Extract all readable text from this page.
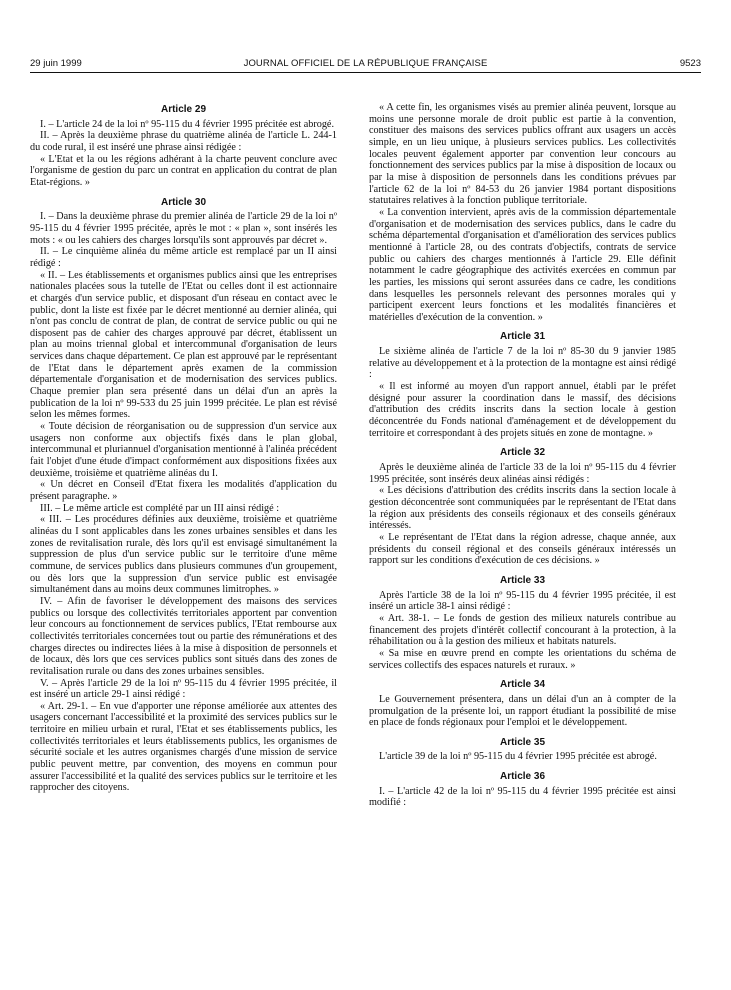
29 juin 1999	JOURNAL OFFICIEL DE LA RÉPUBLIQUE FRANÇAISE	9523
Article 29

I. – L'article 24 de la loi nº 95-115 du 4 février 1995 précitée est abrogé.

II. – Après la deuxième phrase du quatrième alinéa de l'article L. 244-1 du code rural, il est inséré une phrase ainsi rédigée :

« L'Etat et la ou les régions adhérant à la charte peuvent conclure avec l'organisme de gestion du parc un contrat en application du contrat de plan Etat-régions. »

Article 30

I. – Dans la deuxième phrase du premier alinéa de l'article 29 de la loi nº 95-115 du 4 février 1995 précitée, après le mot : « plan », sont insérés les mots : « ou les cahiers des charges lorsqu'ils sont approuvés par décret ».

II. – Le cinquième alinéa du même article est remplacé par un II ainsi rédigé :

« II. – Les établissements et organismes publics ainsi que les entreprises nationales placées sous la tutelle de l'Etat ou celles dont il est actionnaire et chargés d'un service public, et disposant d'un réseau en contact avec le public, dont la liste est fixée par le décret mentionné au dernier alinéa, qui n'ont pas conclu de contrat de plan, de contrat de service public ou qui ne disposent pas de cahier des charges approuvé par décret, établissent un plan au moins triennal global et intercommunal d'organisation de leurs services dans chaque département. Ce plan est approuvé par le représentant de l'Etat dans le département après examen de la commission départementale d'organisation et de modernisation des services publics. Chaque premier plan sera présenté dans un délai d'un an après la publication de la loi nº 99-533 du 25 juin 1999 précitée. Le plan est révisé selon les mêmes formes.

« Toute décision de réorganisation ou de suppression d'un service aux usagers non conforme aux objectifs fixés dans le plan global, intercommunal et pluriannuel d'organisation mentionné à l'alinéa précédent fait l'objet d'une étude d'impact conformément aux dispositions fixées aux deuxième, troisième et quatrième alinéas du I.

« Un décret en Conseil d'Etat fixera les modalités d'application du présent paragraphe. »

III. – Le même article est complété par un III ainsi rédigé :

« III. – Les procédures définies aux deuxième, troisième et quatrième alinéas du I sont applicables dans les zones urbaines sensibles et dans les zones de revitalisation rurale, dès lors qu'il est envisagé simultanément la suppression de plus d'un service public sur le territoire d'une même commune, de services publics dans plusieurs communes d'un groupement, ou dès lors que la suppression d'un service public est envisagée simultanément dans au moins deux communes limitrophes. »

IV. – Afin de favoriser le développement des maisons des services publics ou lorsque des collectivités territoriales apportent par convention leur concours au fonctionnement de services publics, l'Etat rembourse aux collectivités territoriales concernées tout ou partie des rémunérations et des charges directes ou indirectes liées à la mise à disposition de personnels et de locaux, dès lors que ces services publics sont situés dans des zones de revitalisation rurale ou dans des zones urbaines sensibles.

V. – Après l'article 29 de la loi nº 95-115 du 4 février 1995 précitée, il est inséré un article 29-1 ainsi rédigé :

« Art. 29-1. – En vue d'apporter une réponse améliorée aux attentes des usagers concernant l'accessibilité et la proximité des services publics sur le territoire en milieu urbain et rural, l'Etat et ses établissements publics, les collectivités territoriales et leurs établissements publics, les organismes de sécurité sociale et les autres organismes chargés d'une mission de service public peuvent mettre, par convention, des moyens en commun pour assurer l'accessibilité et la qualité des services publics sur le territoire et les rapprocher des citoyens.

« A cette fin, les organismes visés au premier alinéa peuvent, lorsque au moins une personne morale de droit public est partie à la convention, constituer des maisons des services publics offrant aux usagers un accès simple, en un lieu unique, à plusieurs services publics. Les collectivités locales peuvent également apporter par convention leur concours au fonctionnement des services publics par la mise à disposition de locaux ou par la mise à disposition de personnels dans les conditions prévues par l'article 62 de la loi nº 84-53 du 26 janvier 1984 portant dispositions statutaires relatives à la fonction publique territoriale.

« La convention intervient, après avis de la commission départementale d'organisation et de modernisation des services publics, dans le cadre du schéma départemental d'organisation et d'amélioration des services publics mentionné à l'article 28, ou des contrats d'objectifs, contrats de service public ou cahiers des charges mentionnés à l'article 29. Elle définit notamment le cadre géographique des activités exercées en commun par les parties, les missions qui seront assurées dans ce cadre, les conditions dans lesquelles les personnels relevant des personnes morales qui y participent exercent leurs fonctions et les modalités financières et matérielles d'exécution de la convention. »

Article 31

Le sixième alinéa de l'article 7 de la loi nº 85-30 du 9 janvier 1985 relative au développement et à la protection de la montagne est ainsi rédigé :

« Il est informé au moyen d'un rapport annuel, établi par le préfet désigné pour assurer la coordination dans le massif, des décisions d'attribution des crédits inscrits dans la section locale à gestion déconcentrée du Fonds national d'aménagement et de développement du territoire et correspondant à des projets situés en zone de montagne. »

Article 32

Après le deuxième alinéa de l'article 33 de la loi nº 95-115 du 4 février 1995 précitée, sont insérés deux alinéas ainsi rédigés :

« Les décisions d'attribution des crédits inscrits dans la section locale à gestion déconcentrée sont communiquées par le représentant de l'Etat dans la région aux présidents des conseils régionaux et des conseils généraux intéressés.

« Le représentant de l'Etat dans la région adresse, chaque année, aux présidents du conseil régional et des conseils généraux intéressés un rapport sur les conditions d'exécution de ces décisions. »

Article 33

Après l'article 38 de la loi nº 95-115 du 4 février 1995 précitée, il est inséré un article 38-1 ainsi rédigé :

« Art. 38-1. – Le fonds de gestion des milieux naturels contribue au financement des projets d'intérêt collectif concourant à la protection, à la réhabilitation ou à la gestion des milieux et habitats naturels.

« Sa mise en œuvre prend en compte les orientations du schéma de services collectifs des espaces naturels et ruraux. »

Article 34

Le Gouvernement présentera, dans un délai d'un an à compter de la promulgation de la présente loi, un rapport étudiant la possibilité de mise en place de fonds régionaux pour l'emploi et le développement.

Article 35

L'article 39 de la loi nº 95-115 du 4 février 1995 précitée est abrogé.

Article 36

I. – L'article 42 de la loi nº 95-115 du 4 février 1995 précitée est ainsi modifié :
